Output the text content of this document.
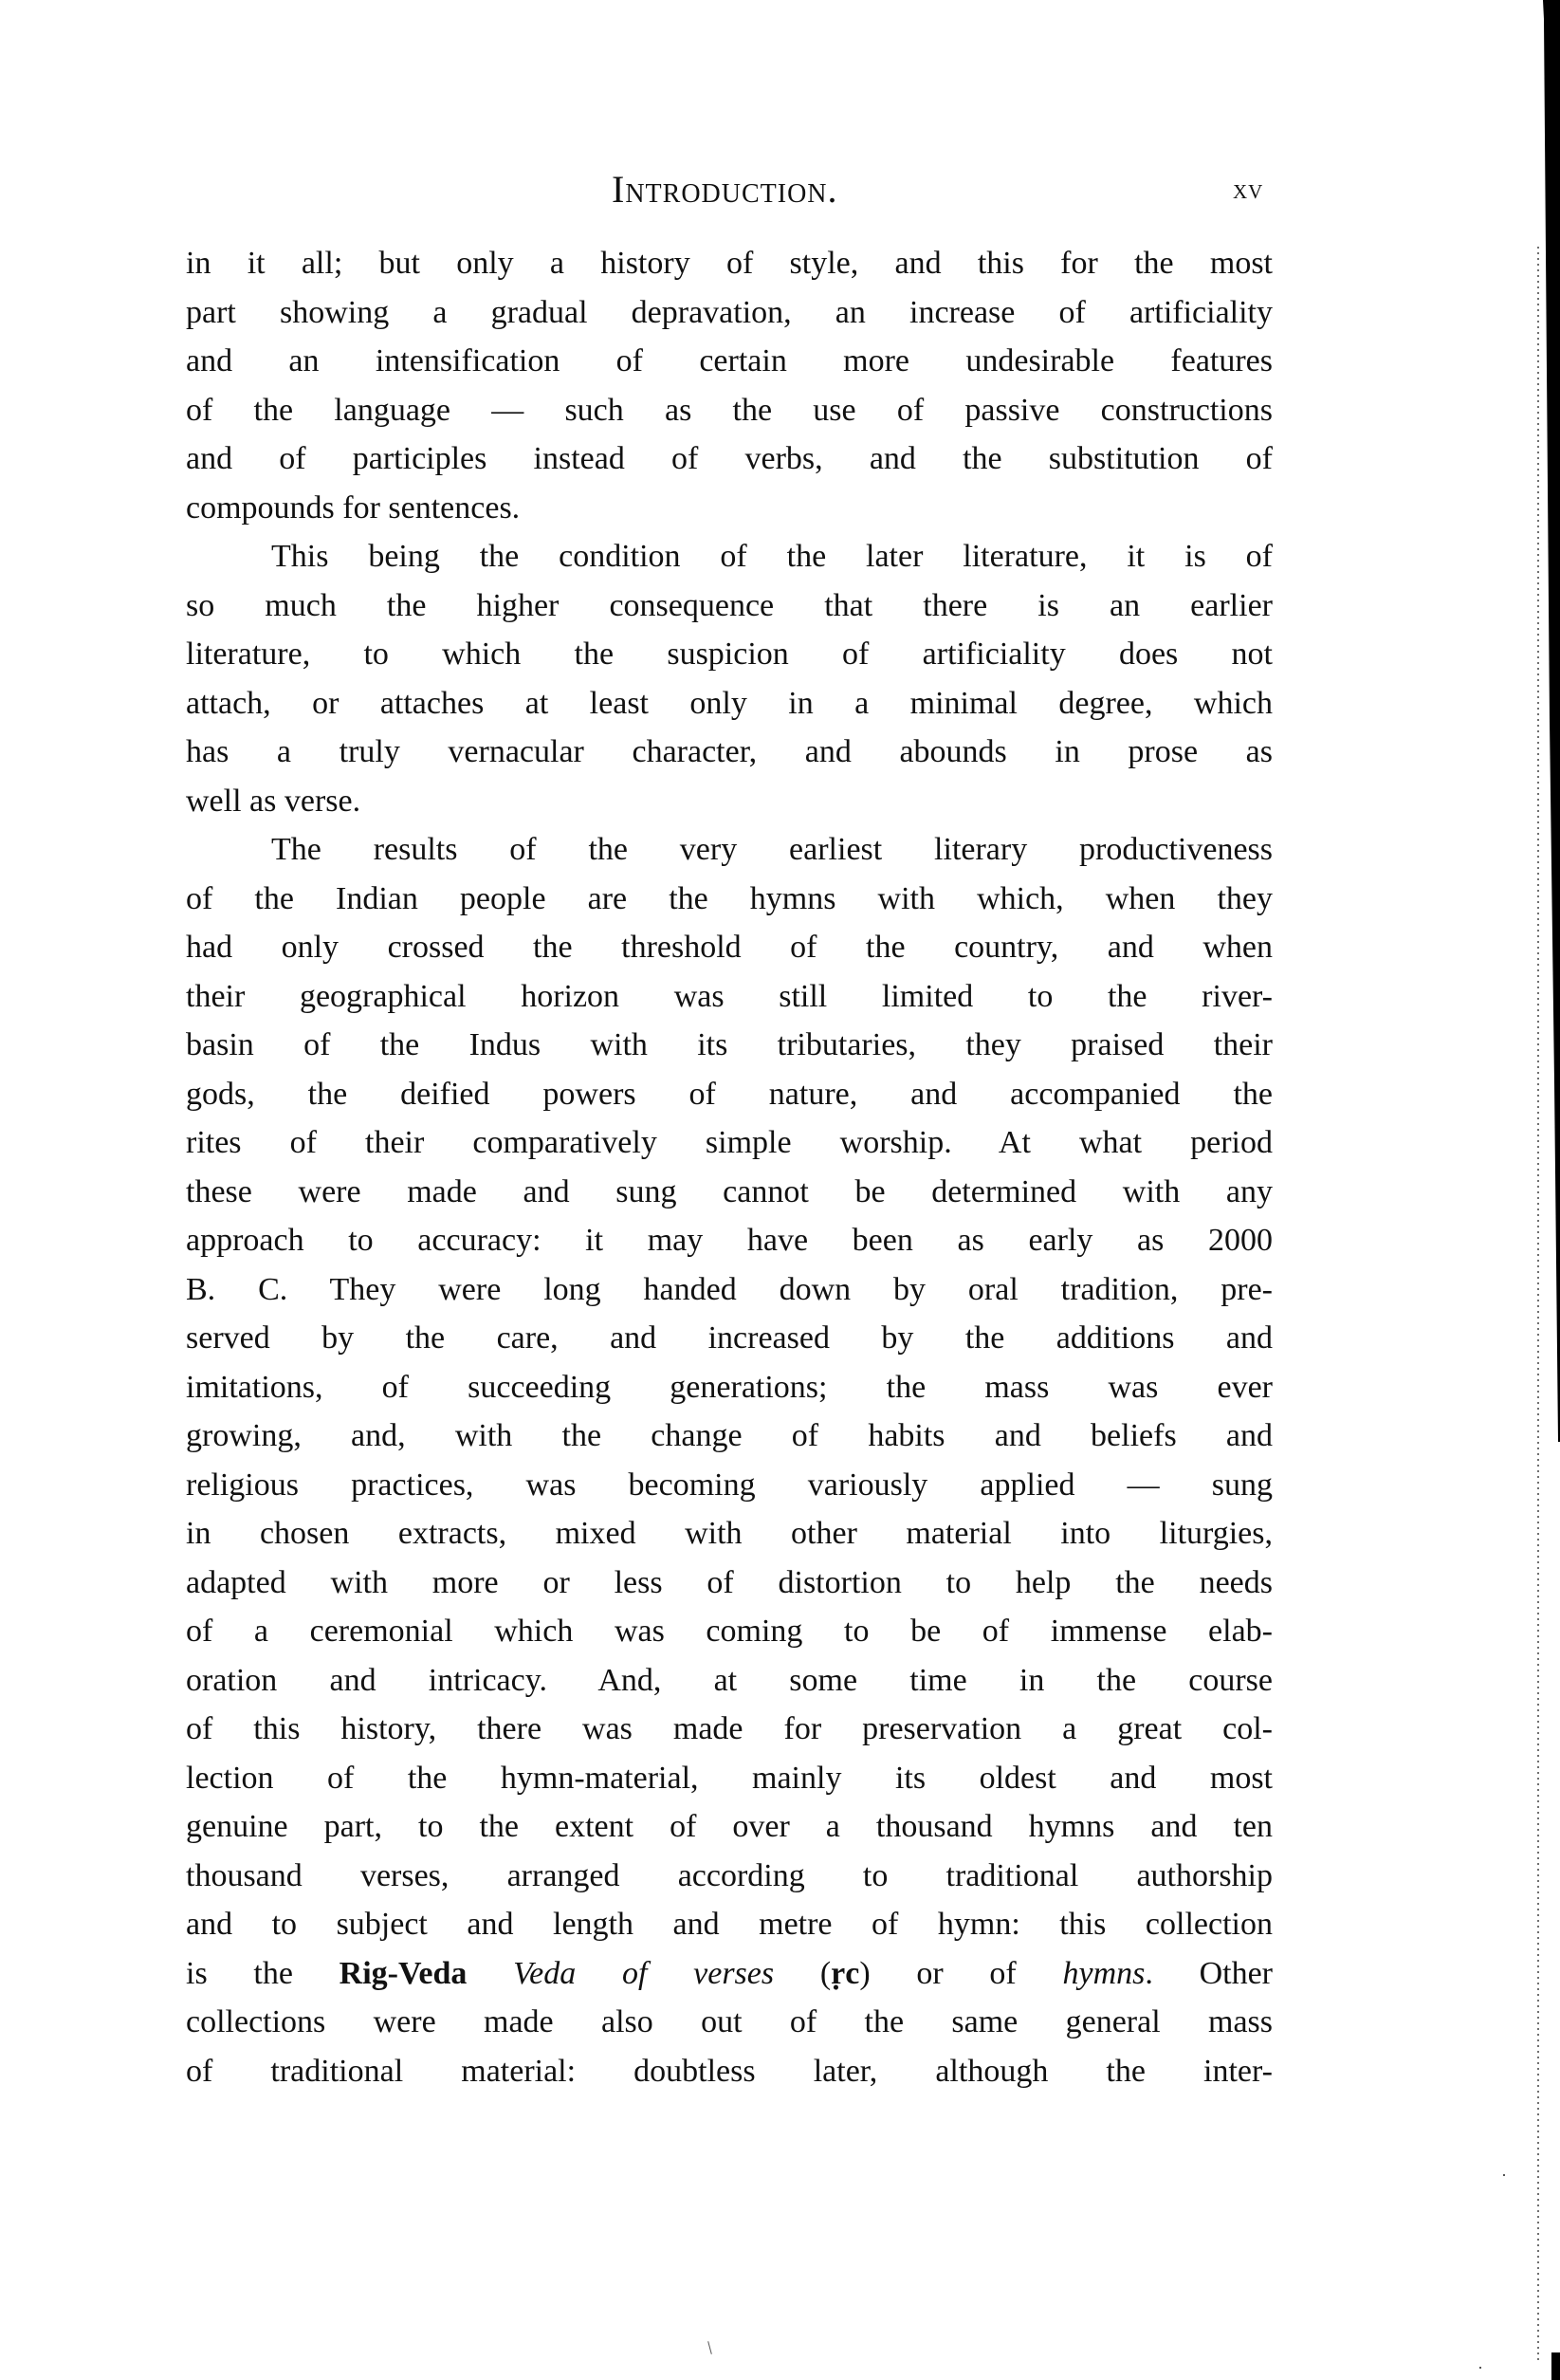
Introduction.	xv
in it all; but only a history of style, and this for the most
part showing a gradual depravation, an increase of artificiality
and an intensification of certain more undesirable features
of the language — such as the use of passive constructions
and of participles instead of verbs, and the substitution of
compounds for sentences.
This being the condition of the later literature, it is of
so much the higher consequence that there is an earlier
literature, to which the suspicion of artificiality does not
attach, or attaches at least only in a minimal degree, which
has a truly vernacular character, and abounds in prose as
well as verse.
The results of the very earliest literary productiveness
of the Indian people are the hymns with which, when they
had only crossed the threshold of the country, and when
their geographical horizon was still limited to the river-
basin of the Indus with its tributaries, they praised their
gods, the deified powers of nature, and accompanied the
rites of their comparatively simple worship. At what period
these were made and sung cannot be determined with any
approach to accuracy: it may have been as early as 2000
B. C. They were long handed down by oral tradition, pre-
served by the care, and increased by the additions and
imitations, of succeeding generations; the mass was ever
growing, and, with the change of habits and beliefs and
religious practices, was becoming variously applied — sung
in chosen extracts, mixed with other material into liturgies,
adapted with more or less of distortion to help the needs
of a ceremonial which was coming to be of immense elab-
oration and intricacy. And, at some time in the course
of this history, there was made for preservation a great col-
lection of the hymn-material, mainly its oldest and most
genuine part, to the extent of over a thousand hymns and ten
thousand verses, arranged according to traditional authorship
and to subject and length and metre of hymn: this collection
is the Rig-Veda Veda of verses (ṛc) or of hymns. Other
collections were made also out of the same general mass
of traditional material: doubtless later, although the inter-
